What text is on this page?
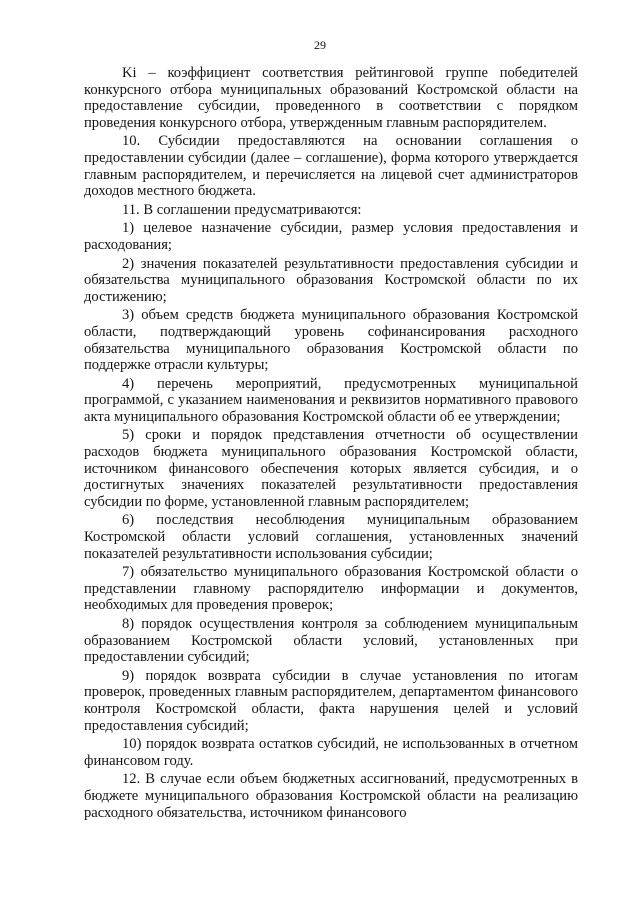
29

Ki – коэффициент соответствия рейтинговой группе победителей конкурсного отбора муниципальных образований Костромской области на предоставление субсидии, проведенного в соответствии с порядком проведения конкурсного отбора, утвержденным главным распорядителем.

10. Субсидии предоставляются на основании соглашения о предоставлении субсидии (далее – соглашение), форма которого утверждается главным распорядителем, и перечисляется на лицевой счет администраторов доходов местного бюджета.

11. В соглашении предусматриваются:

1) целевое назначение субсидии, размер условия предоставления и расходования;

2) значения показателей результативности предоставления субсидии и обязательства муниципального образования Костромской области по их достижению;

3) объем средств бюджета муниципального образования Костромской области, подтверждающий уровень софинансирования расходного обязательства муниципального образования Костромской области по поддержке отрасли культуры;

4) перечень мероприятий, предусмотренных муниципальной программой, с указанием наименования и реквизитов нормативного правового акта муниципального образования Костромской области об ее утверждении;

5) сроки и порядок представления отчетности об осуществлении расходов бюджета муниципального образования Костромской области, источником финансового обеспечения которых является субсидия, и о достигнутых значениях показателей результативности предоставления субсидии по форме, установленной главным распорядителем;

6) последствия несоблюдения муниципальным образованием Костромской области условий соглашения, установленных значений показателей результативности использования субсидии;

7) обязательство муниципального образования Костромской области о представлении главному распорядителю информации и документов, необходимых для проведения проверок;

8) порядок осуществления контроля за соблюдением муниципальным образованием Костромской области условий, установленных при предоставлении субсидий;

9) порядок возврата субсидии в случае установления по итогам проверок, проведенных главным распорядителем, департаментом финансового контроля Костромской области, факта нарушения целей и условий предоставления субсидий;

10) порядок возврата остатков субсидий, не использованных в отчетном финансовом году.

12. В случае если объем бюджетных ассигнований, предусмотренных в бюджете муниципального образования Костромской области на реализацию расходного обязательства, источником финансового
